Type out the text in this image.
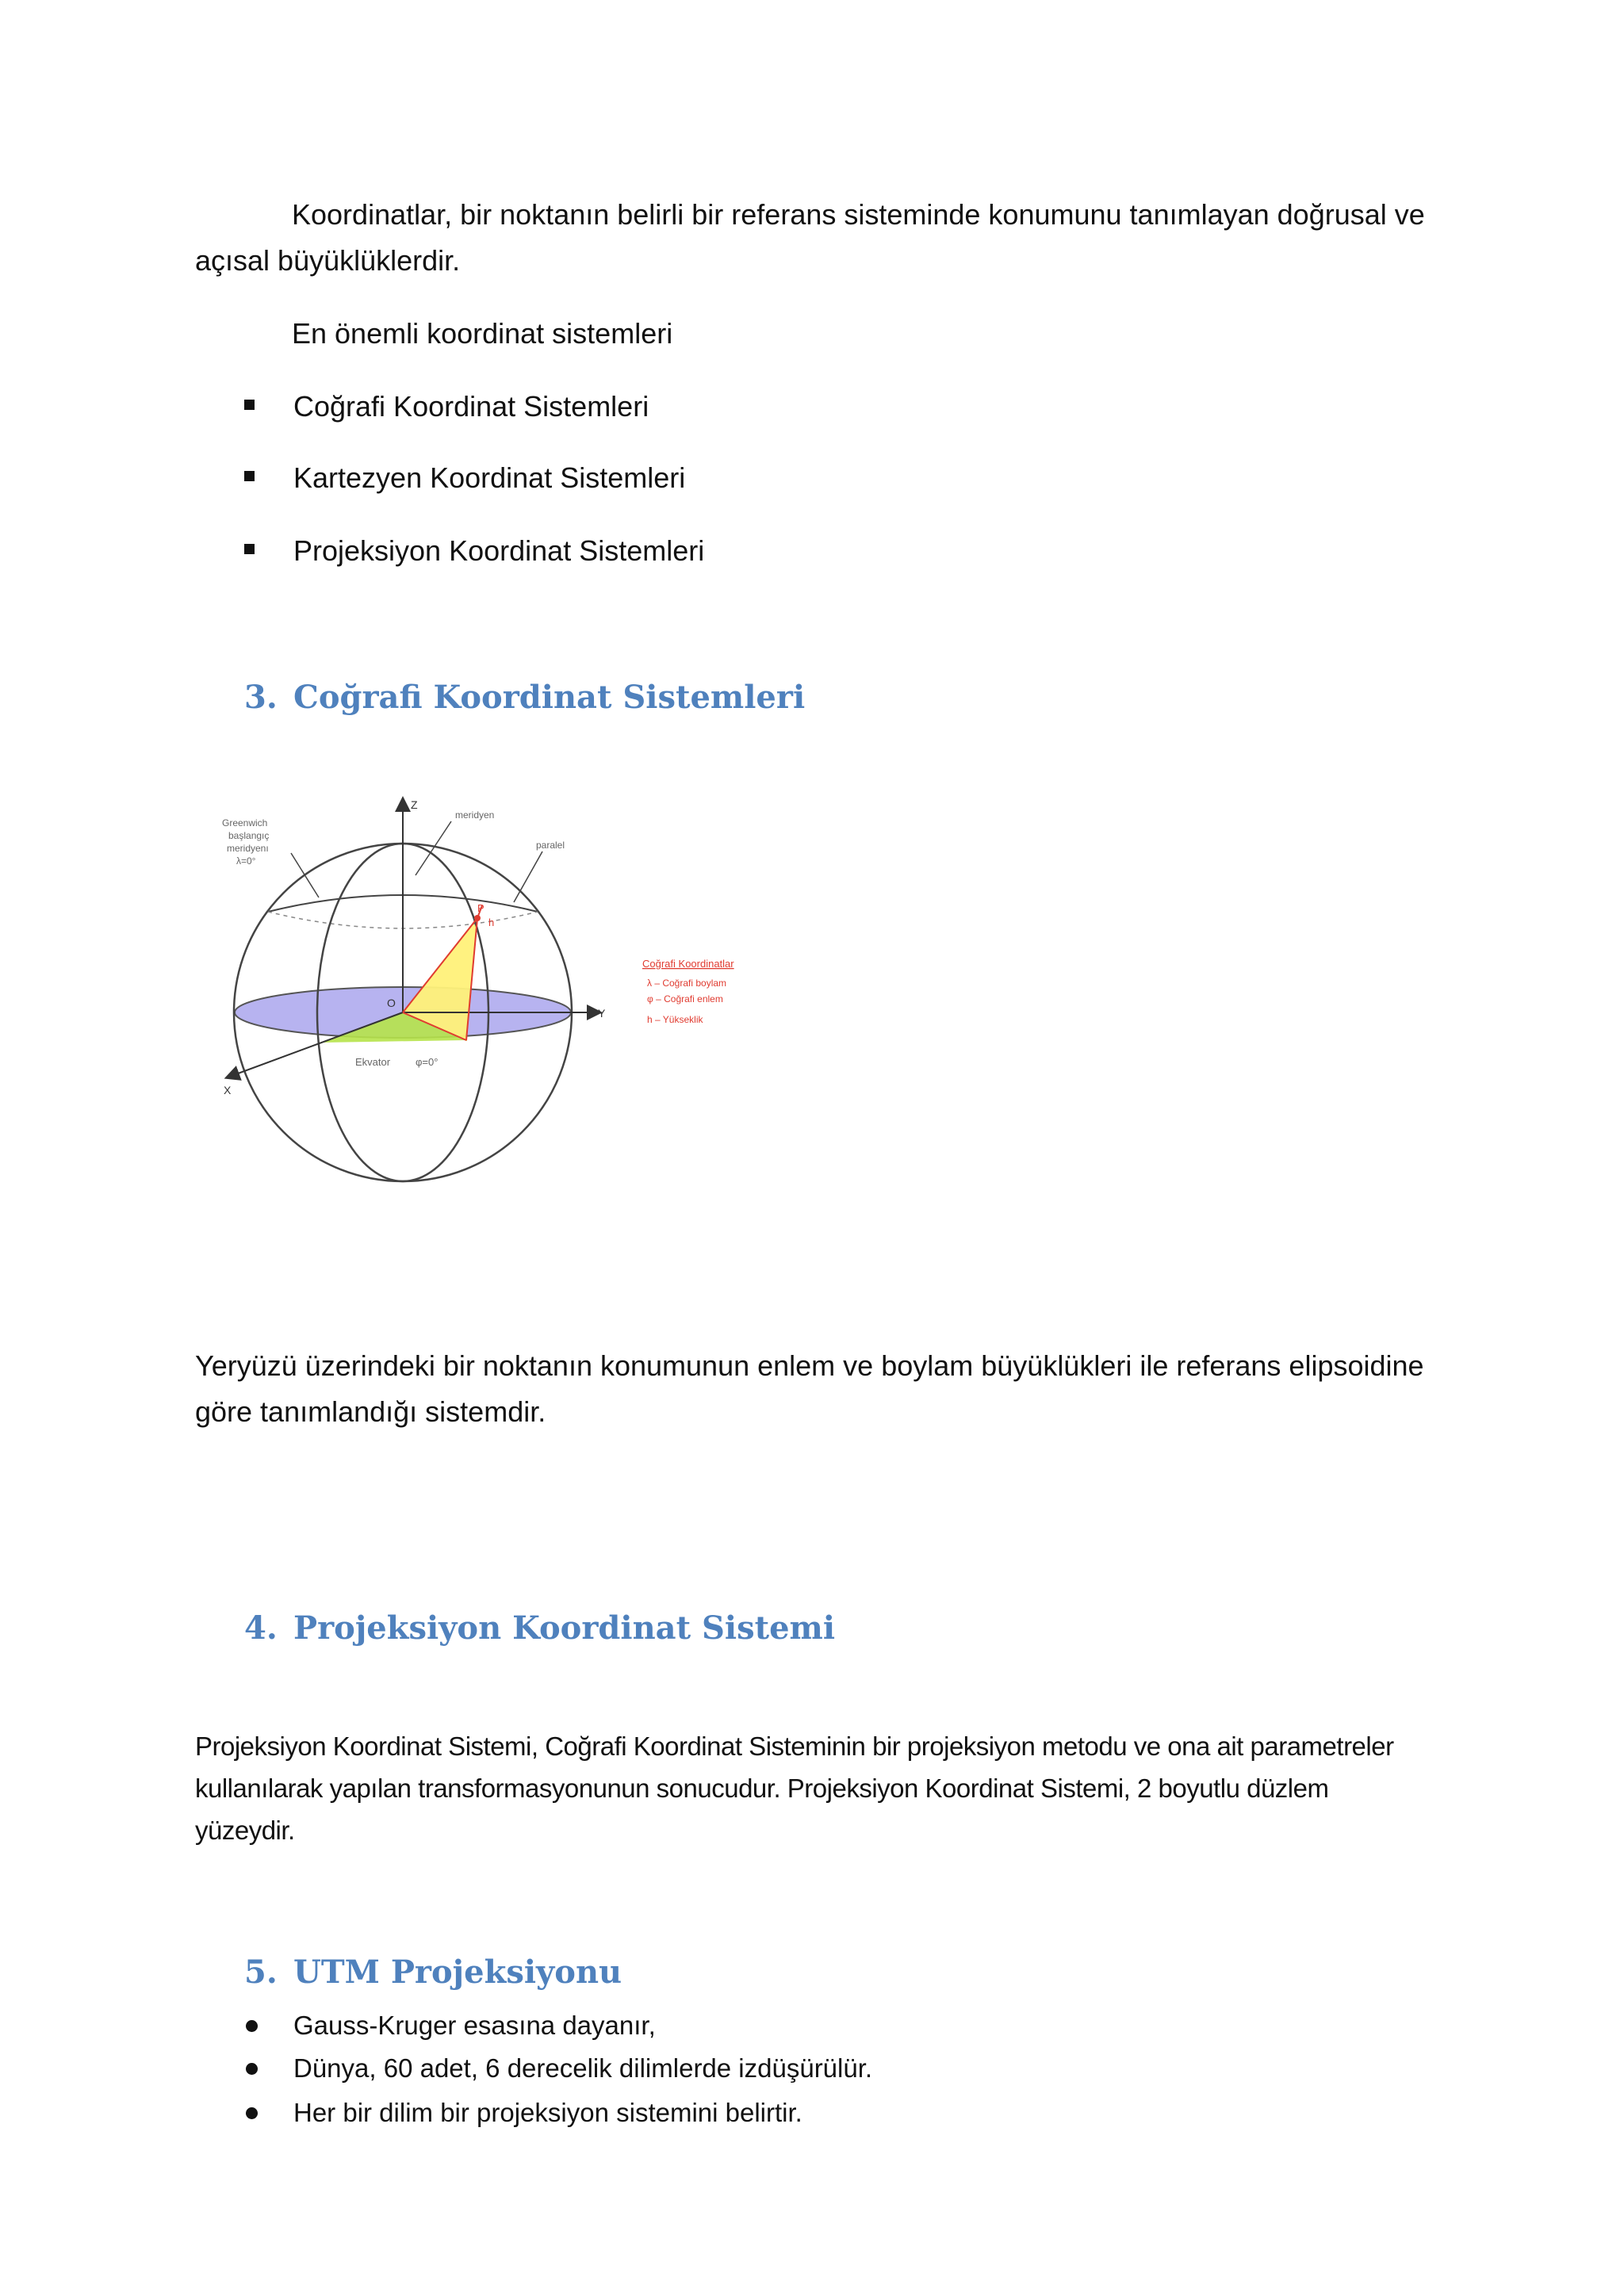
Koordinatlar, bir noktanın belirli bir referans sisteminde konumunu tanımlayan doğrusal ve açısal büyüklüklerdir.

En önemli koordinat sistemleri
Coğrafi Koordinat Sistemleri
Kartezyen Koordinat Sistemleri
Projeksiyon Koordinat Sistemleri
3. Coğrafi Koordinat Sistemleri
Z
Y
X
O
P
h
Greenwich
başlangıç
meridyenı
λ=0°
meridyen
paralel
Ekvator φ=0°
Coğrafi Koordinatlar
λ – Coğrafi boylam
φ – Coğrafi enlem
h – Yükseklik

Yeryüzü üzerindeki bir noktanın konumunun enlem ve boylam büyüklükleri ile referans elipsoidine göre tanımlandığı sistemdir.

4. Projeksiyon Koordinat Sistemi

Projeksiyon Koordinat Sistemi, Coğrafi Koordinat Sisteminin bir projeksiyon metodu ve ona ait parametreler kullanılarak yapılan transformasyonunun sonucudur. Projeksiyon Koordinat Sistemi, 2 boyutlu düzlem yüzeydir.

5. UTM Projeksiyonu
Gauss-Kruger esasına dayanır,
Dünya, 60 adet, 6 derecelik dilimlerde izdüşürülür.
Her bir dilim bir projeksiyon sistemini belirtir.
